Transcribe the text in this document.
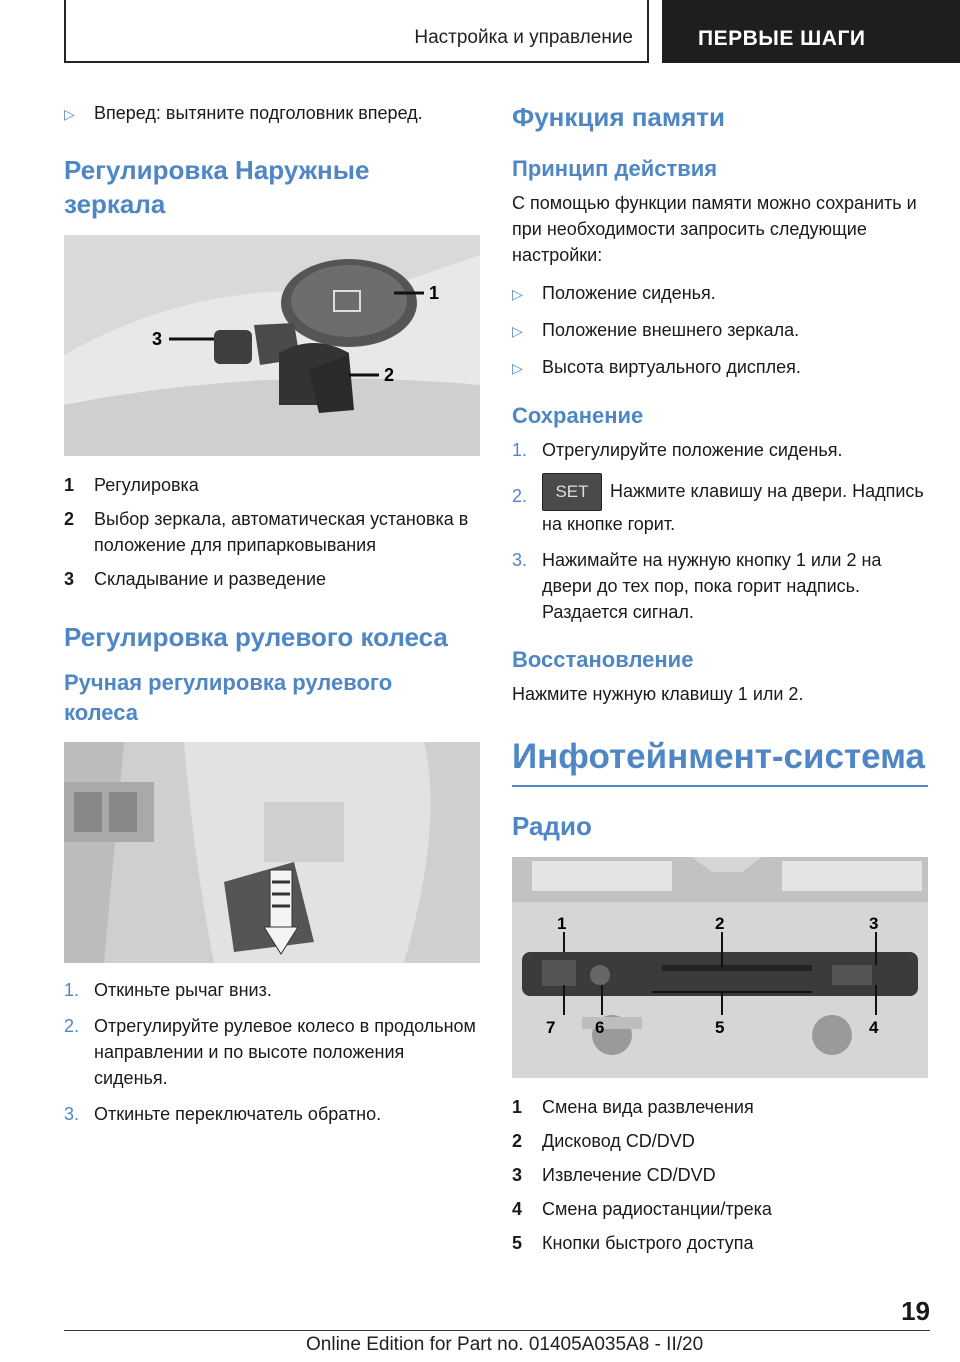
Настройка и управление	ПЕРВЫЕ ШАГИ
▷	Вперед: вытяните подголовник вперед.
Регулировка Наружные зеркала
1
2
3
1	Регулировка
2	Выбор зеркала, автоматическая установка в положение для припарковывания
3	Складывание и разведение
Регулировка рулевого колеса
Ручная регулировка рулевого колеса
1. Откиньте рычаг вниз.
2. Отрегулируйте рулевое колесо в продольном направлении и по высоте положения сиденья.
3. Откиньте переключатель обратно.
Функция памяти
Принцип действия
С помощью функции памяти можно сохранить и при необходимости запросить следующие настройки:
▷	Положение сиденья.
▷	Положение внешнего зеркала.
▷	Высота виртуального дисплея.
Сохранение
1. Отрегулируйте положение сиденья.
2.	SET Нажмите клавишу на двери. Надпись на кнопке горит.
3. Нажимайте на нужную кнопку 1 или 2 на двери до тех пор, пока горит надпись. Раздается сигнал.
Восстановление
Нажмите нужную клавишу 1 или 2.
Инфотейнмент-система
Радио
1	2	3
4
5
6
7
1	Смена вида развлечения
2	Дисковод CD/DVD
3	Извлечение CD/DVD
4	Смена радиостанции/трека
5	Кнопки быстрого доступа
19
Online Edition for Part no. 01405A035A8 - II/20
